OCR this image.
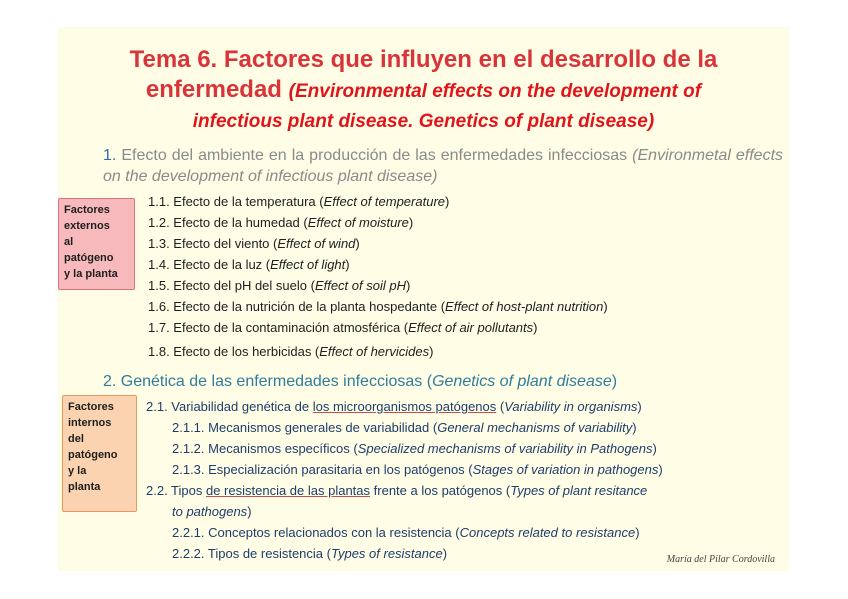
Tema 6. Factores que influyen en el desarrollo de la
enfermedad (Environmental effects on the development of
infectious plant disease. Genetics of plant disease)
1. Efecto del ambiente en la producción de las enfermedades infecciosas (Environmetal effects on the development of infectious plant disease)
1.1. Efecto de la temperatura (Effect of temperature)
1.2. Efecto de la humedad (Effect of moisture)
1.3. Efecto del viento (Effect of wind)
1.4. Efecto de la luz (Effect of light)
1.5. Efecto del pH del suelo (Effect of soil pH)
1.6. Efecto de la nutrición de la planta hospedante (Effect of host-plant nutrition)
1.7. Efecto de la contaminación atmosférica (Effect of air pollutants)
1.8. Efecto de los herbicidas (Effect of hervicides)
2. Genética de las enfermedades infecciosas (Genetics of plant disease)
2.1. Variabilidad genética de los microorganismos patógenos (Variability in organisms)
2.1.1. Mecanismos generales de variabilidad (General mechanisms of variability)
2.1.2. Mecanismos específicos (Specialized mechanisms of variability in Pathogens)
2.1.3. Especialización parasitaria en los patógenos (Stages of variation in pathogens)
2.2. Tipos de resistencia de las plantas frente a los patógenos (Types of plant resitance
to pathogens)
2.2.1. Conceptos relacionados con la resistencia (Concepts related to resistance)
2.2.2. Tipos de resistencia (Types of resistance)	María del Pilar Cordovilla
Factores
externos
al
patógeno
y la planta
Factores
internos
del
patógeno
y la
planta
